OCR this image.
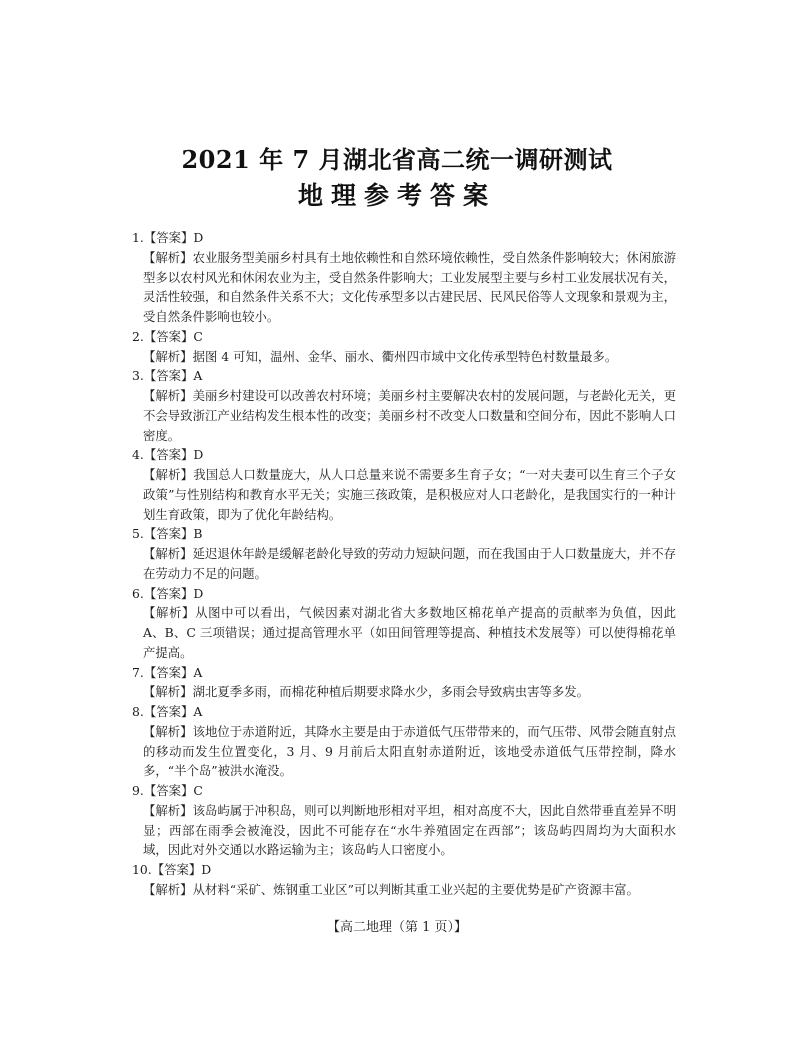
2021 年 7 月湖北省高二统一调研测试
地理参考答案

1.【答案】D

【解析】农业服务型美丽乡村具有土地依赖性和自然环境依赖性，受自然条件影响较大；休闲旅游型多以农村风光和休闲农业为主，受自然条件影响大；工业发展型主要与乡村工业发展状况有关，灵活性较强，和自然条件关系不大；文化传承型多以古建民居、民风民俗等人文现象和景观为主，受自然条件影响也较小。

2.【答案】C

【解析】据图 4 可知，温州、金华、丽水、衢州四市域中文化传承型特色村数量最多。

3.【答案】A

【解析】美丽乡村建设可以改善农村环境；美丽乡村主要解决农村的发展问题，与老龄化无关，更不会导致浙江产业结构发生根本性的改变；美丽乡村不改变人口数量和空间分布，因此不影响人口密度。

4.【答案】D

【解析】我国总人口数量庞大，从人口总量来说不需要多生育子女；“一对夫妻可以生育三个子女政策”与性别结构和教育水平无关；实施三孩政策，是积极应对人口老龄化，是我国实行的一种计划生育政策，即为了优化年龄结构。

5.【答案】B

【解析】延迟退休年龄是缓解老龄化导致的劳动力短缺问题，而在我国由于人口数量庞大，并不存在劳动力不足的问题。

6.【答案】D

【解析】从图中可以看出，气候因素对湖北省大多数地区棉花单产提高的贡献率为负值，因此 A、B、C 三项错误；通过提高管理水平（如田间管理等提高、种植技术发展等）可以使得棉花单产提高。

7.【答案】A

【解析】湖北夏季多雨，而棉花种植后期要求降水少，多雨会导致病虫害等多发。

8.【答案】A

【解析】该地位于赤道附近，其降水主要是由于赤道低气压带带来的，而气压带、风带会随直射点的移动而发生位置变化，3 月、9 月前后太阳直射赤道附近，该地受赤道低气压带控制，降水多，“半个岛”被洪水淹没。

9.【答案】C

【解析】该岛屿属于冲积岛，则可以判断地形相对平坦，相对高度不大，因此自然带垂直差异不明显；西部在雨季会被淹没，因此不可能存在“水牛养殖固定在西部”；该岛屿四周均为大面积水域，因此对外交通以水路运输为主；该岛屿人口密度小。

10.【答案】D

【解析】从材料“采矿、炼钢重工业区”可以判断其重工业兴起的主要优势是矿产资源丰富。

【高二地理（第 1 页）】
